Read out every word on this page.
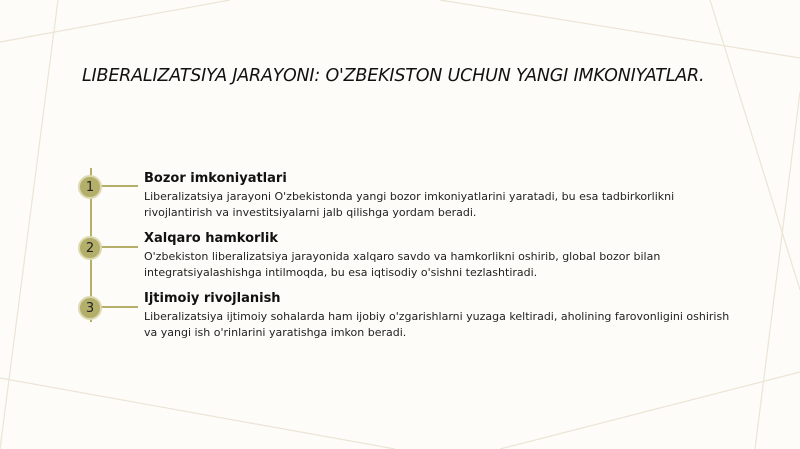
LIBERALIZATSIYA JARAYONI: O'ZBEKISTON UCHUN YANGI IMKONIYATLAR.
1
Bozor imkoniyatlari
Liberalizatsiya jarayoni O'zbekistonda yangi bozor imkoniyatlarini yaratadi, bu esa tadbirkorlikni rivojlantirish va investitsiyalarni jalb qilishga yordam beradi.
2
Xalqaro hamkorlik
O'zbekiston liberalizatsiya jarayonida xalqaro savdo va hamkorlikni oshirib, global bozor bilan integratsiyalashishga intilmoqda, bu esa iqtisodiy o'sishni tezlashtiradi.
3
Ijtimoiy rivojlanish
Liberalizatsiya ijtimoiy sohalarda ham ijobiy o'zgarishlarni yuzaga keltiradi, aholining farovonligini oshirish va yangi ish o'rinlarini yaratishga imkon beradi.
